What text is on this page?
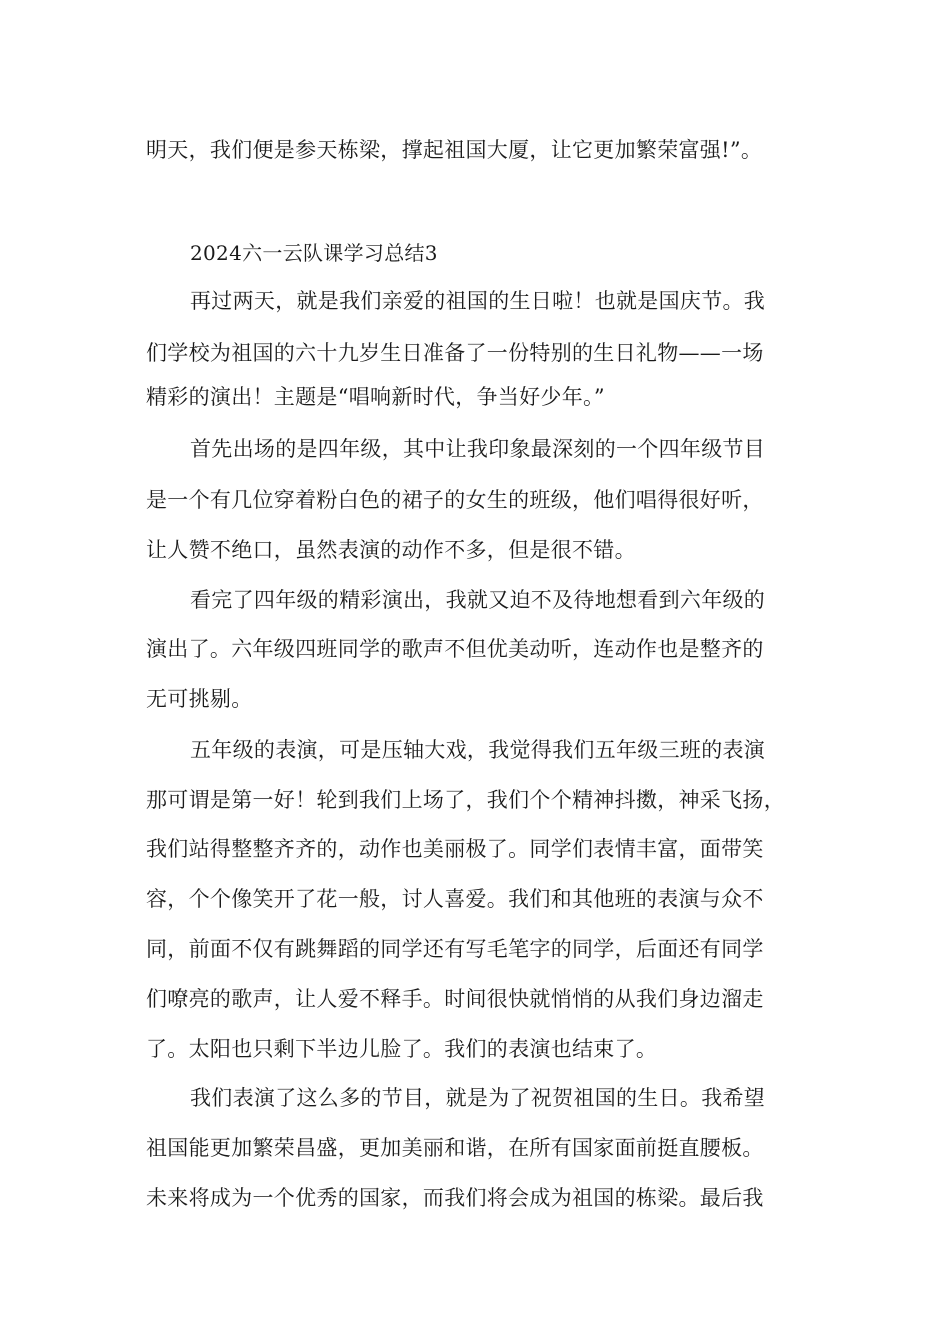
明天，我们便是参天栋梁，撑起祖国大厦，让它更加繁荣富强!”。
2024六一云队课学习总结3
再过两天，就是我们亲爱的祖国的生日啦！也就是国庆节。我
们学校为祖国的六十九岁生日准备了一份特别的生日礼物——一场
精彩的演出！主题是“唱响新时代，争当好少年。”
首先出场的是四年级，其中让我印象最深刻的一个四年级节目
是一个有几位穿着粉白色的裙子的女生的班级，他们唱得很好听，
让人赞不绝口，虽然表演的动作不多，但是很不错。
看完了四年级的精彩演出，我就又迫不及待地想看到六年级的
演出了。六年级四班同学的歌声不但优美动听，连动作也是整齐的
无可挑剔。
五年级的表演，可是压轴大戏，我觉得我们五年级三班的表演
那可谓是第一好！轮到我们上场了，我们个个精神抖擞，神采飞扬，
我们站得整整齐齐的，动作也美丽极了。同学们表情丰富，面带笑
容，个个像笑开了花一般，讨人喜爱。我们和其他班的表演与众不
同，前面不仅有跳舞蹈的同学还有写毛笔字的同学，后面还有同学
们嘹亮的歌声，让人爱不释手。时间很快就悄悄的从我们身边溜走
了。太阳也只剩下半边儿脸了。我们的表演也结束了。
我们表演了这么多的节目，就是为了祝贺祖国的生日。我希望
祖国能更加繁荣昌盛，更加美丽和谐，在所有国家面前挺直腰板。
未来将成为一个优秀的国家，而我们将会成为祖国的栋梁。最后我
